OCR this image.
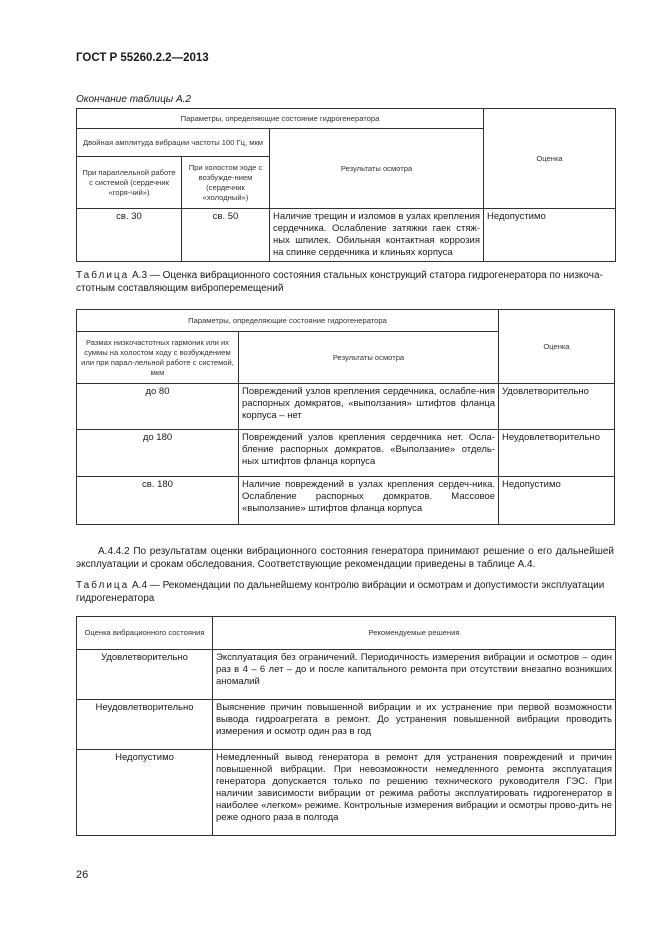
ГОСТ Р 55260.2.2—2013
Окончание таблицы А.2
Параметры, определяющие состояние гидрогенератора			Оценка
Двойная амплитуда вибрации частоты 100 Гц, мкм		Результаты осмотра	
При параллельной работе с системой (сердечник «горя-чий»)	При холостом ходе с возбужде-нием (сердечник «холодный»)		
св. 30	св. 50	Наличие трещин и изломов в узлах крепления сердечника. Ослабление затяжки гаек стяж-ных шпилек. Обильная контактная коррозия на спинке сердечника и клиньях корпуса	Недопустимо
Таблица А.3 — Оценка вибрационного состояния стальных конструкций статора гидрогенератора по низкоча-стотным составляющим виброперемещений
Параметры, определяющие состояние гидрогенератора		Оценка
Размах низкочастотных гармоник или их суммы на холостом ходу с возбуждением или при парал-лельной работе с системой, мкм	Результаты осмотра	
до 80	Повреждений узлов крепления сердечника, ослабле-ния распорных домкратов, «выползания» штифтов фланца корпуса – нет	Удовлетворительно
до 180	Повреждений узлов крепления сердечника нет. Осла-бление распорных домкратов. «Выползание» отдель-ных штифтов фланца корпуса	Неудовлетворительно
св. 180	Наличие повреждений в узлах крепления сердеч-ника. Ослабление распорных домкратов. Массовое «выползание» штифтов фланца корпуса	Недопустимо
А.4.4.2 По результатам оценки вибрационного состояния генератора принимают решение о его дальнейшей эксплуатации и срокам обследования. Соответствующие рекомендации приведены в таблице А.4.
Таблица А.4 — Рекомендации по дальнейшему контролю вибрации и осмотрам и допустимости эксплуатации гидрогенератора
Оценка вибрационного состояния	Рекомендуемые решения
Удовлетворительно	Эксплуатация без ограничений. Периодичность измерения вибрации и осмотров – один раз в 4 – 6 лет – до и после капитального ремонта при отсутствии внезапно возникших аномалий
Неудовлетворительно	Выяснение причин повышенной вибрации и их устранение при первой возможности вывода гидроагрегата в ремонт. До устранения повышенной вибрации проводить измерения и осмотр один раз в год
Недопустимо	Немедленный вывод генератора в ремонт для устранения повреждений и причин повышенной вибрации. При невозможности немедленного ремонта эксплуатация генератора допускается только по решению технического руководителя ГЭС. При наличии зависимости вибрации от режима работы эксплуатировать гидрогенератор в наиболее «легком» режиме. Контрольные измерения вибрации и осмотры прово-дить не реже одного раза в полгода
26
